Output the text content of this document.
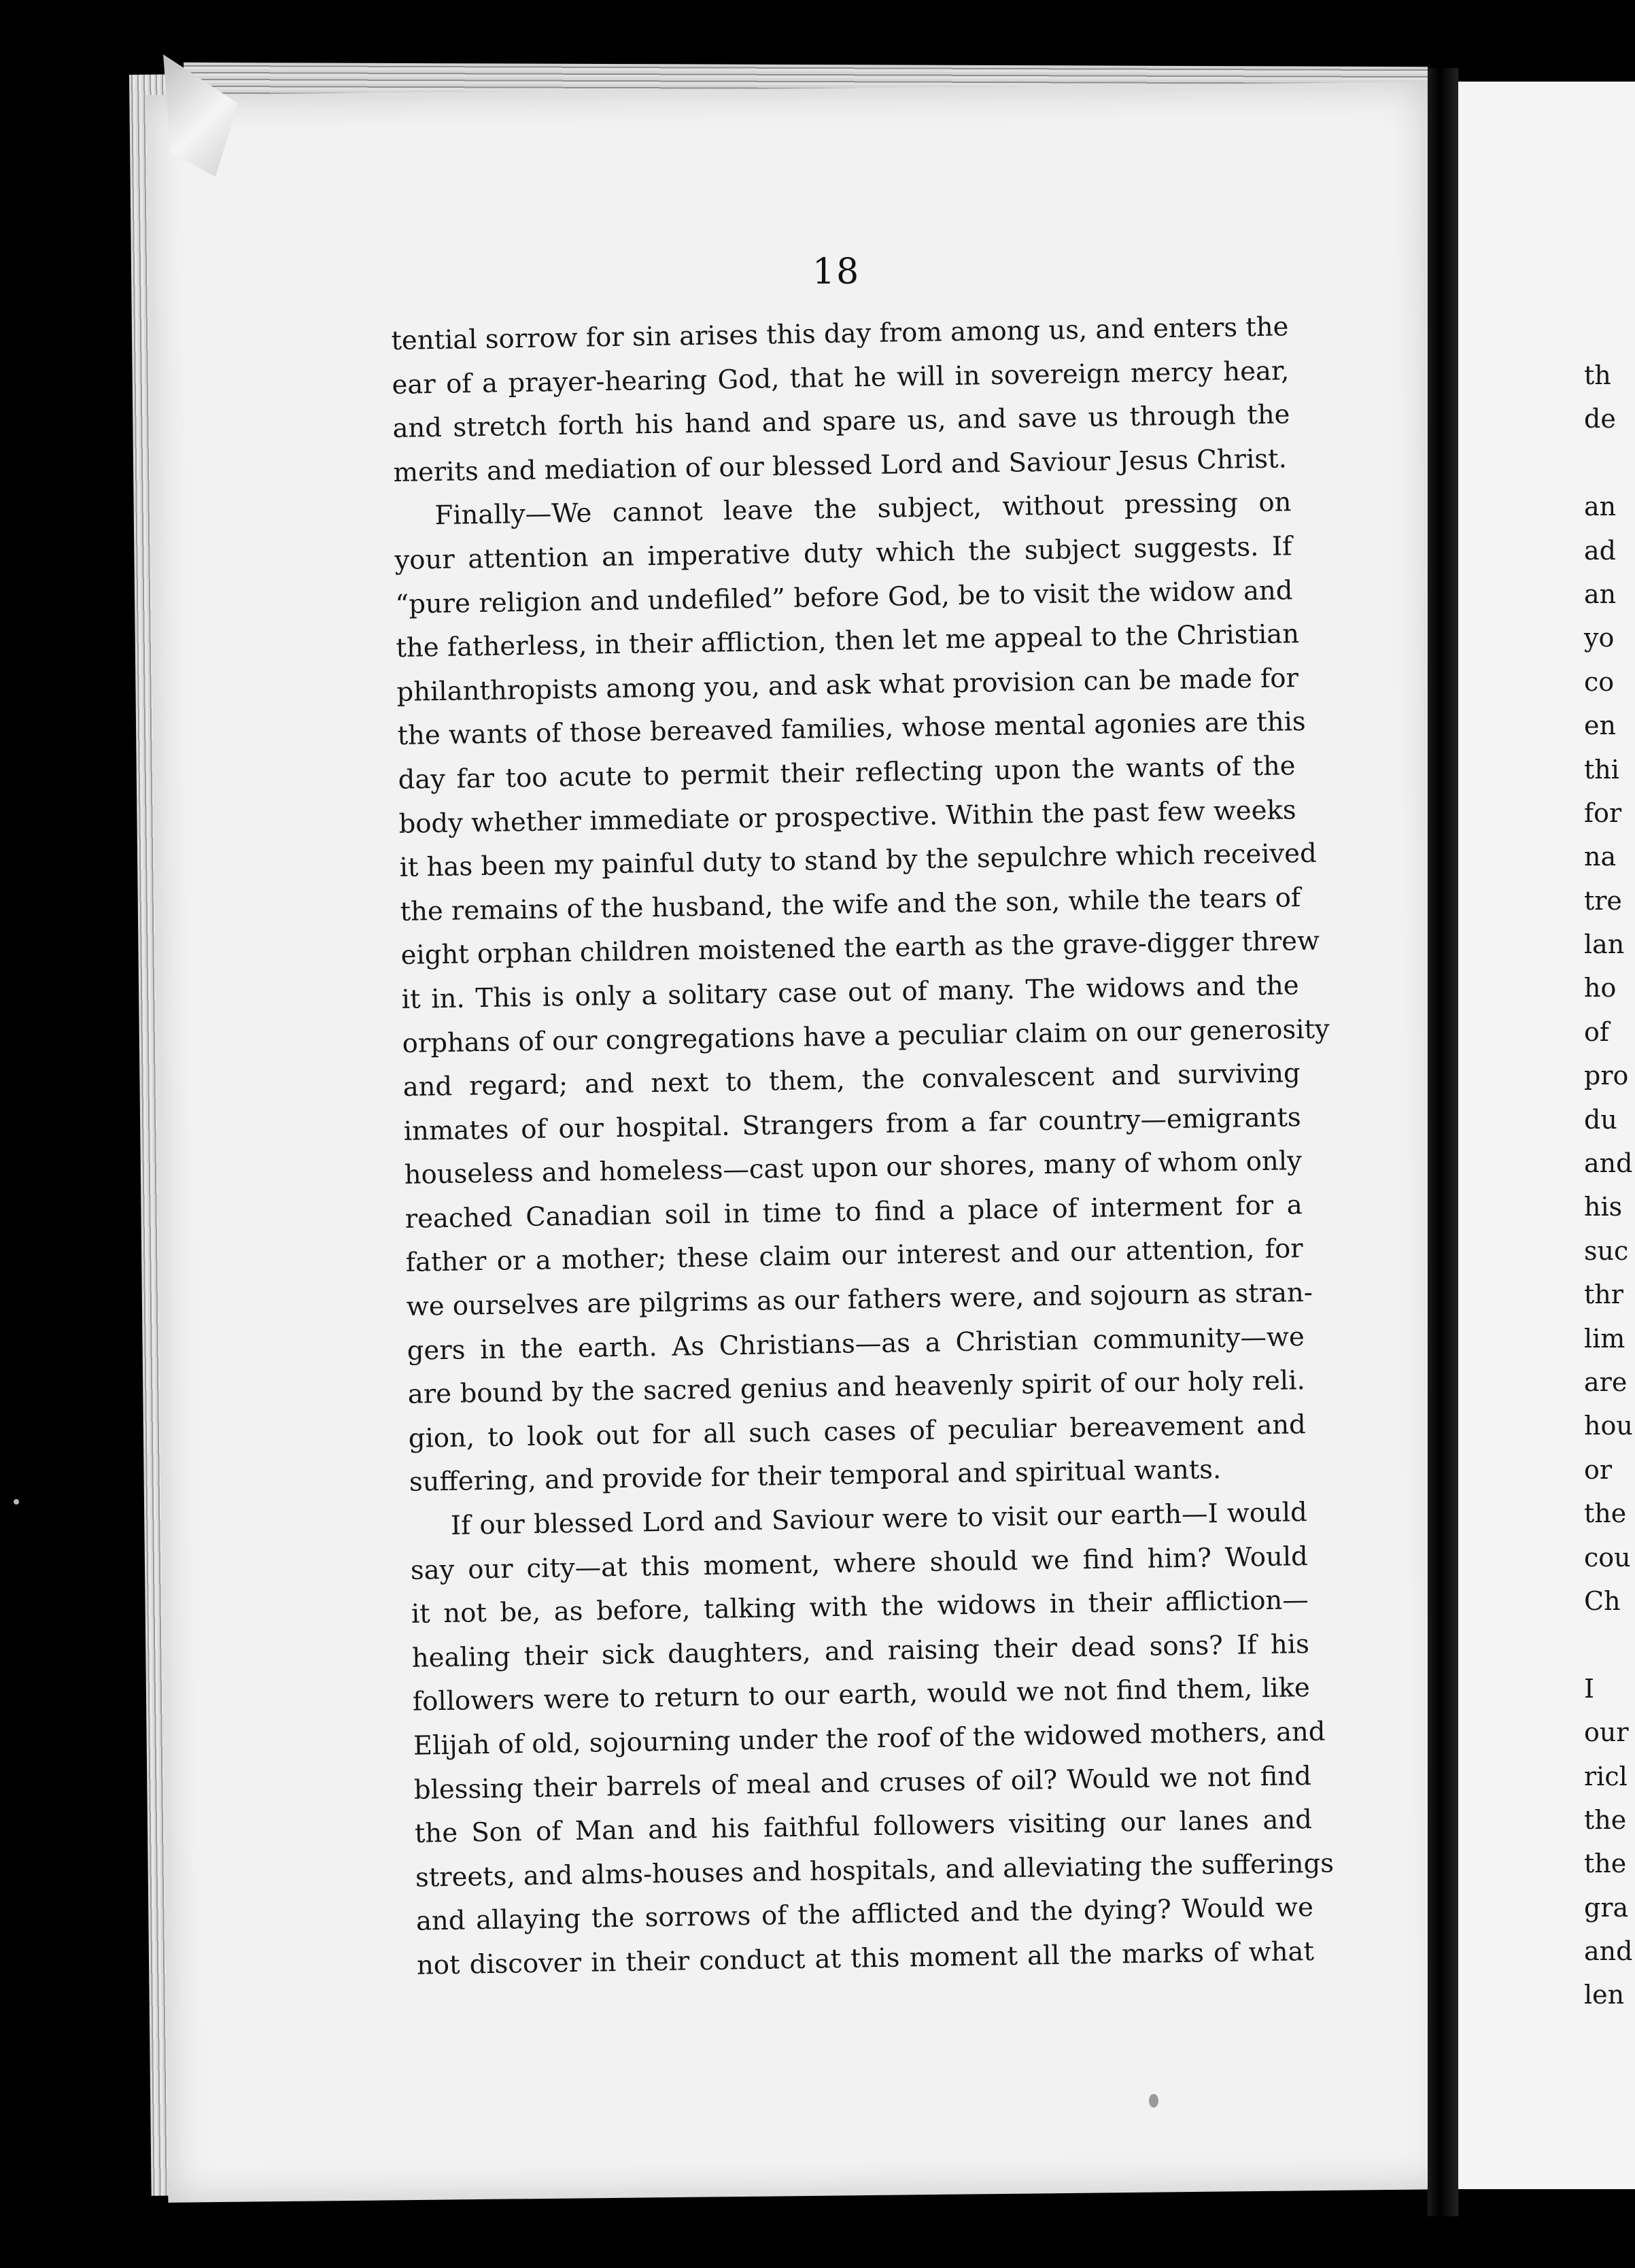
18
tential sorrow for sin arises this day from among us, and enters the
ear of a prayer-hearing God, that he will in sovereign mercy hear,
and stretch forth his hand and spare us, and save us through the
merits and mediation of our blessed Lord and Saviour Jesus Christ.
Finally—We cannot leave the subject, without pressing on
your attention an imperative duty which the subject suggests. If
“pure religion and undefiled” before God, be to visit the widow and
the fatherless, in their affliction, then let me appeal to the Christian
philanthropists among you, and ask what provision can be made for
the wants of those bereaved families, whose mental agonies are this
day far too acute to permit their reflecting upon the wants of the
body whether immediate or prospective. Within the past few weeks
it has been my painful duty to stand by the sepulchre which received
the remains of the husband, the wife and the son, while the tears of
eight orphan children moistened the earth as the grave-digger threw
it in. This is only a solitary case out of many. The widows and the
orphans of our congregations have a peculiar claim on our generosity
and regard; and next to them, the convalescent and surviving
inmates of our hospital. Strangers from a far country—emigrants
houseless and homeless—cast upon our shores, many of whom only
reached Canadian soil in time to find a place of interment for a
father or a mother; these claim our interest and our attention, for
we ourselves are pilgrims as our fathers were, and sojourn as stran-
gers in the earth. As Christians—as a Christian community—we
are bound by the sacred genius and heavenly spirit of our holy reli.
gion, to look out for all such cases of peculiar bereavement and
suffering, and provide for their temporal and spiritual wants.
If our blessed Lord and Saviour were to visit our earth—I would
say our city—at this moment, where should we find him? Would
it not be, as before, talking with the widows in their affliction—
healing their sick daughters, and raising their dead sons? If his
followers were to return to our earth, would we not find them, like
Elijah of old, sojourning under the roof of the widowed mothers, and
blessing their barrels of meal and cruses of oil? Would we not find
the Son of Man and his faithful followers visiting our lanes and
streets, and alms-houses and hospitals, and alleviating the sufferings
and allaying the sorrows of the afflicted and the dying? Would we
not discover in their conduct at this moment all the marks of what
th
de
an
ad
an
yo
co
en
thi
for
na
tre
lan
ho
of
pro
du
and
his
suc
thr
lim
are
hou
or
the
cou
Ch
I
our
ricl
the
the
gra
and
len
